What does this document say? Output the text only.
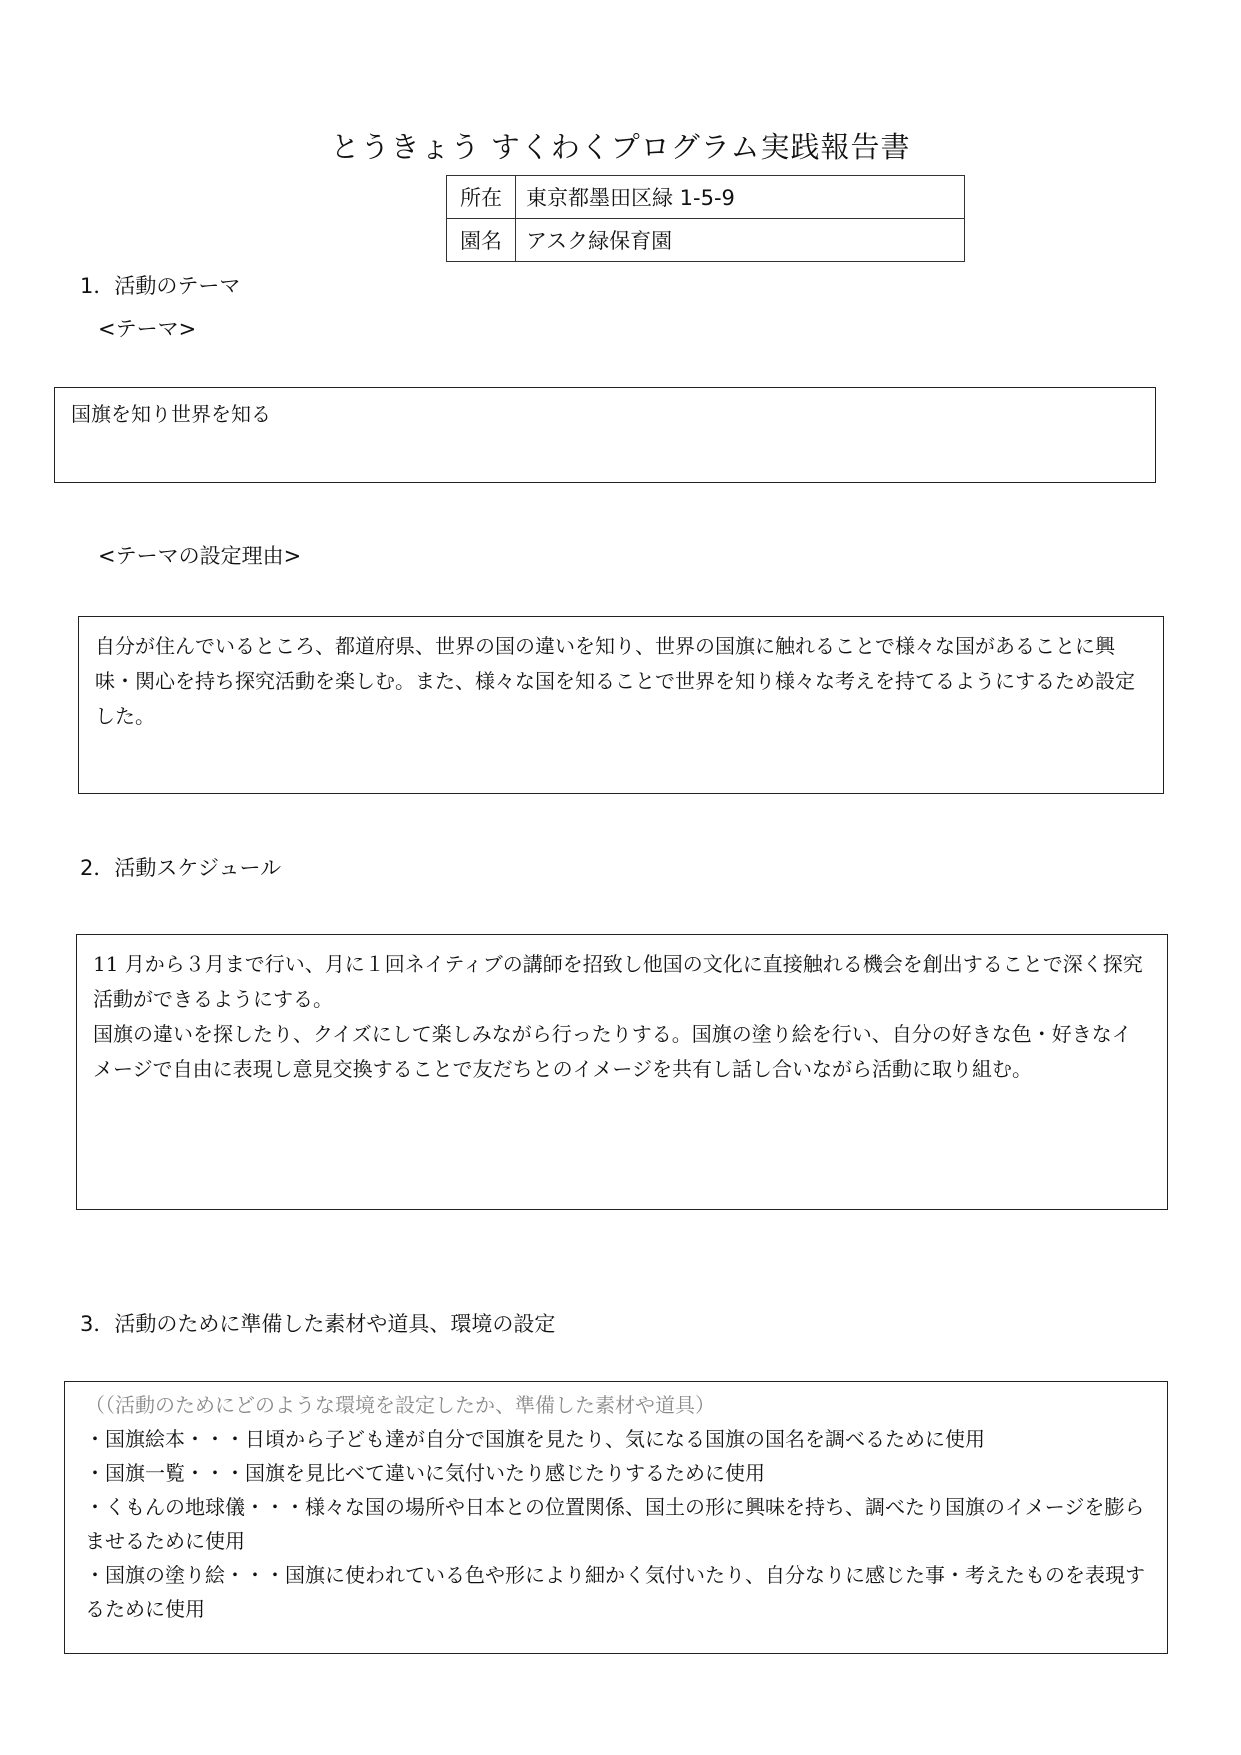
とうきょう すくわくプログラム実践報告書
所在	東京都墨田区緑 1-5-9
園名	アスク緑保育園
1．活動のテーマ
<テーマ>

国旗を知り世界を知る

<テーマの設定理由>

自分が住んでいるところ、都道府県、世界の国の違いを知り、世界の国旗に触れることで様々な国があることに興味・関心を持ち探究活動を楽しむ。また、様々な国を知ることで世界を知り様々な考えを持てるようにするため設定した。

2．活動スケジュール

11 月から３月まで行い、月に１回ネイティブの講師を招致し他国の文化に直接触れる機会を創出することで深く探究活動ができるようにする。

国旗の違いを探したり、クイズにして楽しみながら行ったりする。国旗の塗り絵を行い、自分の好きな色・好きなイメージで自由に表現し意見交換することで友だちとのイメージを共有し話し合いながら活動に取り組む。

3．活動のために準備した素材や道具、環境の設定

（（活動のためにどのような環境を設定したか、準備した素材や道具）

・国旗絵本・・・日頃から子ども達が自分で国旗を見たり、気になる国旗の国名を調べるために使用
・国旗一覧・・・国旗を見比べて違いに気付いたり感じたりするために使用
・くもんの地球儀・・・様々な国の場所や日本との位置関係、国土の形に興味を持ち、調べたり国旗のイメージを膨らませるために使用
・国旗の塗り絵・・・国旗に使われている色や形により細かく気付いたり、自分なりに感じた事・考えたものを表現するために使用
